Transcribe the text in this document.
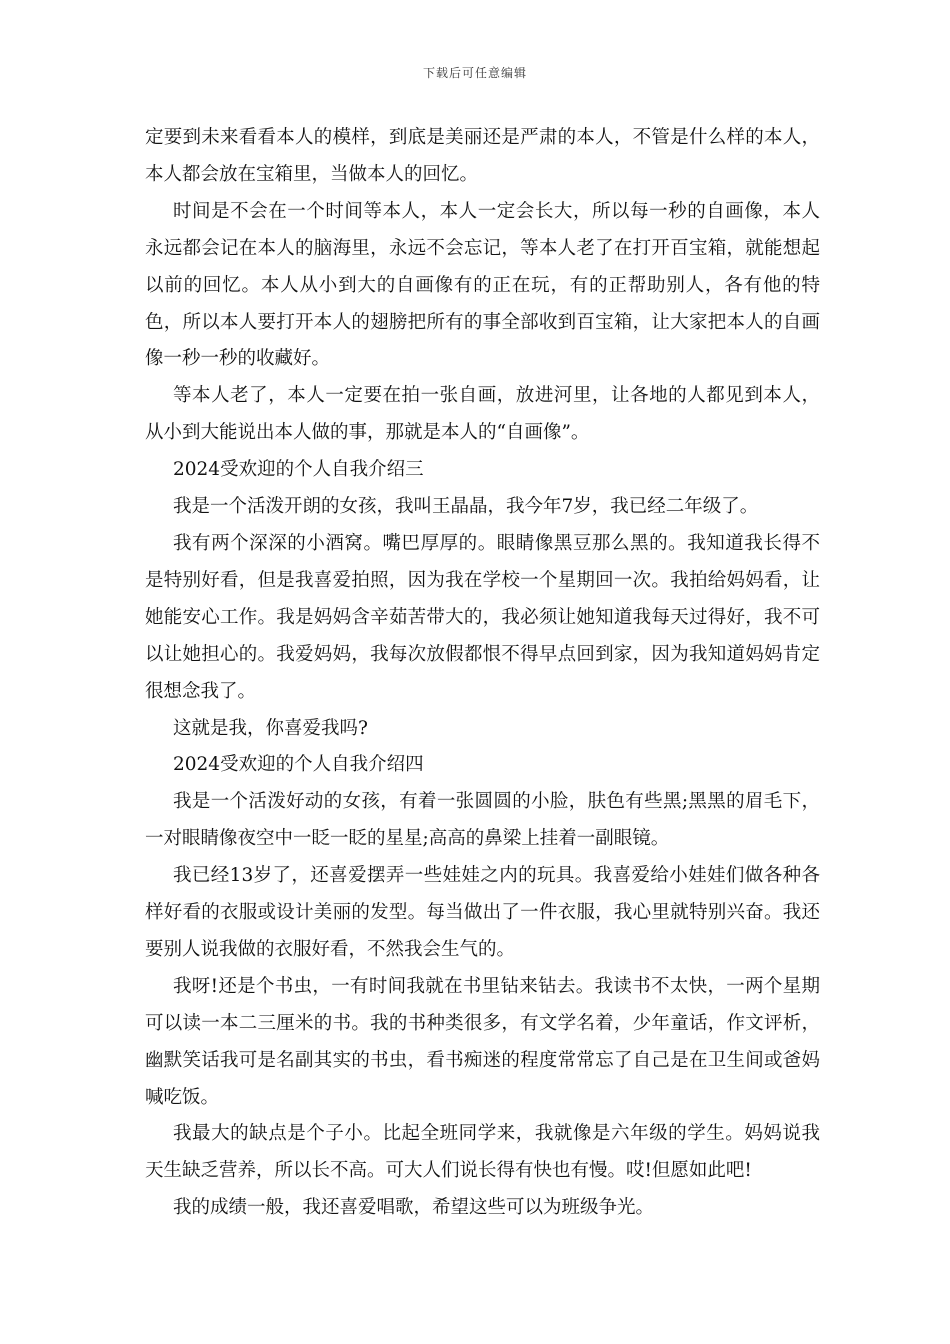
下载后可任意编辑

定要到未来看看本人的模样，到底是美丽还是严肃的本人，不管是什么样的本人，本人都会放在宝箱里，当做本人的回忆。

时间是不会在一个时间等本人，本人一定会长大，所以每一秒的自画像，本人永远都会记在本人的脑海里，永远不会忘记，等本人老了在打开百宝箱，就能想起以前的回忆。本人从小到大的自画像有的正在玩，有的正帮助别人，各有他的特色，所以本人要打开本人的翅膀把所有的事全部收到百宝箱，让大家把本人的自画像一秒一秒的收藏好。

等本人老了，本人一定要在拍一张自画，放进河里，让各地的人都见到本人，从小到大能说出本人做的事，那就是本人的“自画像”。

2024受欢迎的个人自我介绍三

我是一个活泼开朗的女孩，我叫王晶晶，我今年7岁，我已经二年级了。

我有两个深深的小酒窝。嘴巴厚厚的。眼睛像黑豆那么黑的。我知道我长得不是特别好看，但是我喜爱拍照，因为我在学校一个星期回一次。我拍给妈妈看，让她能安心工作。我是妈妈含辛茹苦带大的，我必须让她知道我每天过得好，我不可以让她担心的。我爱妈妈，我每次放假都恨不得早点回到家，因为我知道妈妈肯定很想念我了。

这就是我，你喜爱我吗?

2024受欢迎的个人自我介绍四

我是一个活泼好动的女孩，有着一张圆圆的小脸，肤色有些黑;黑黑的眉毛下，一对眼睛像夜空中一眨一眨的星星;高高的鼻梁上挂着一副眼镜。

我已经13岁了，还喜爱摆弄一些娃娃之内的玩具。我喜爱给小娃娃们做各种各样好看的衣服或设计美丽的发型。每当做出了一件衣服，我心里就特别兴奋。我还要别人说我做的衣服好看，不然我会生气的。

我呀!还是个书虫，一有时间我就在书里钻来钻去。我读书不太快，一两个星期可以读一本二三厘米的书。我的书种类很多，有文学名着，少年童话，作文评析，幽默笑话我可是名副其实的书虫，看书痴迷的程度常常忘了自己是在卫生间或爸妈喊吃饭。

我最大的缺点是个子小。比起全班同学来，我就像是六年级的学生。妈妈说我天生缺乏营养，所以长不高。可大人们说长得有快也有慢。哎!但愿如此吧!

我的成绩一般，我还喜爱唱歌，希望这些可以为班级争光。
